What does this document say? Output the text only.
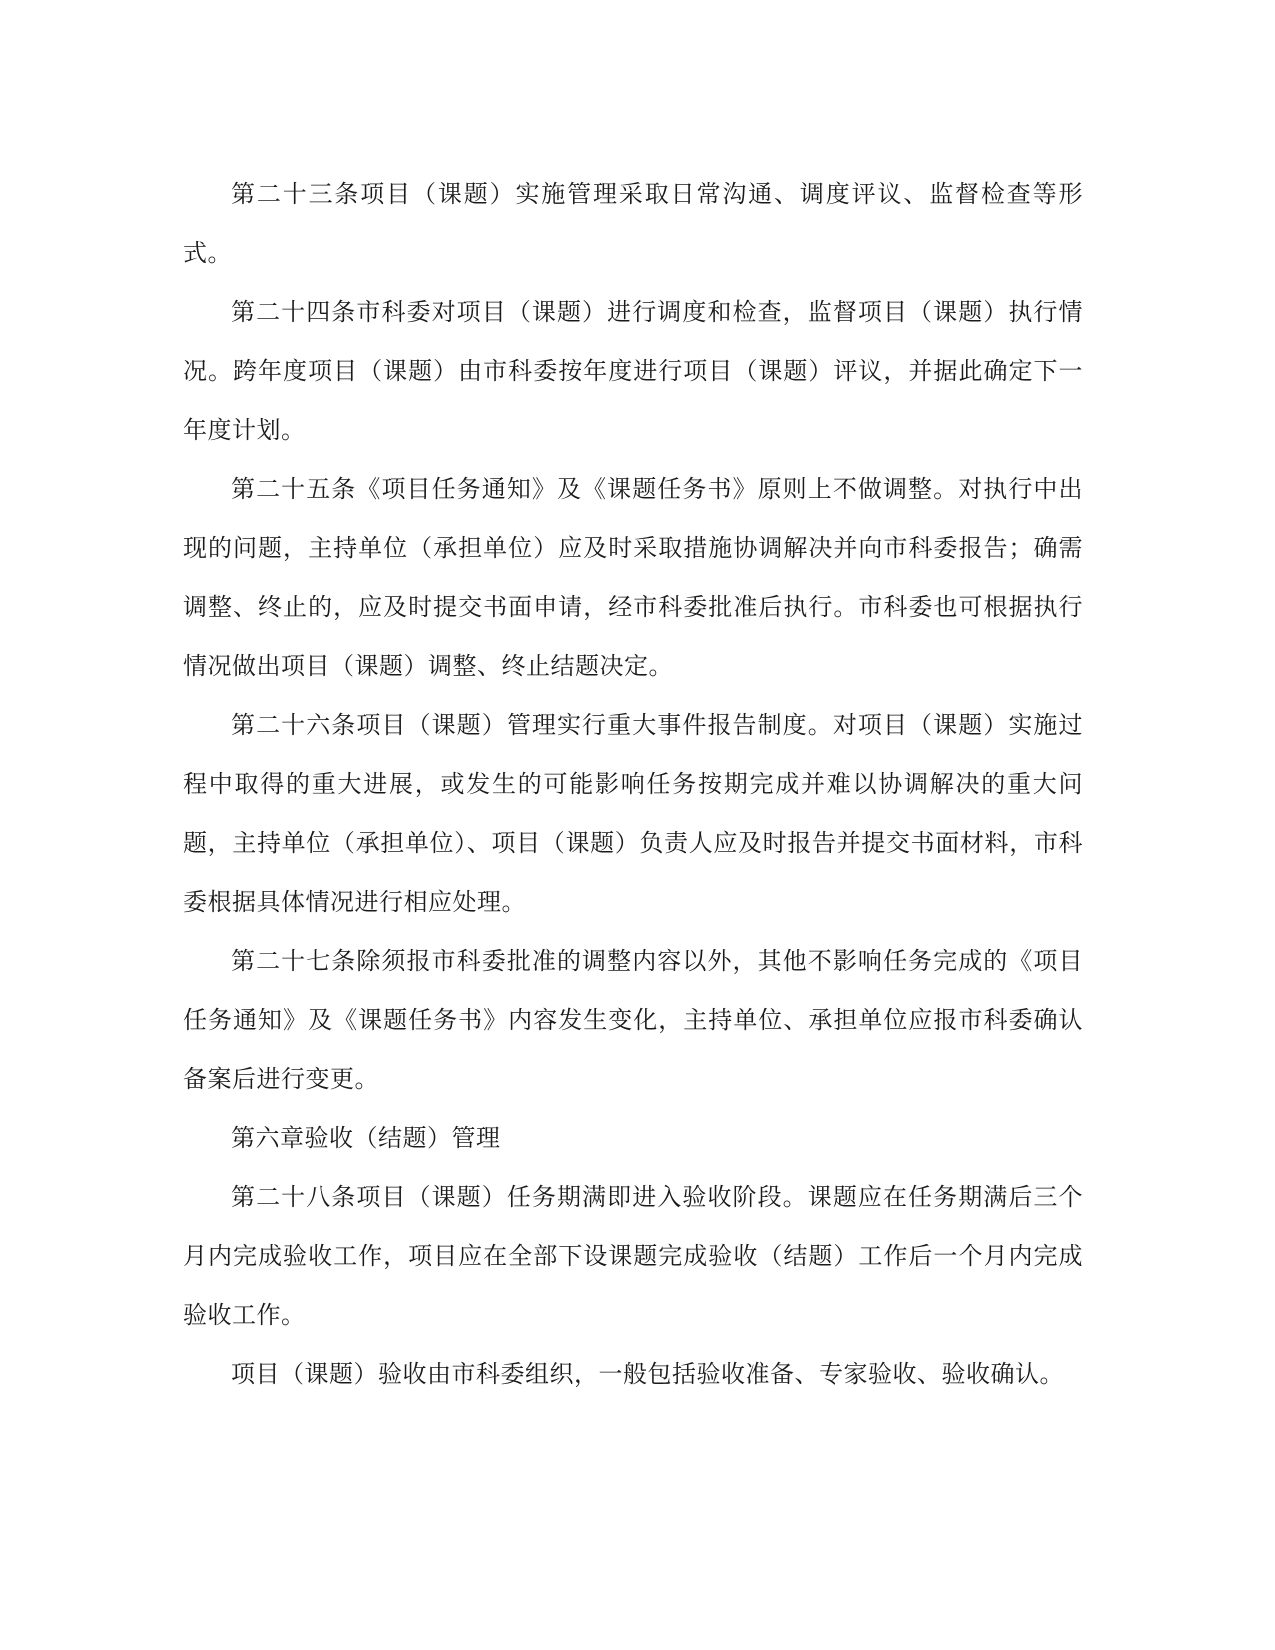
第二十三条项目（课题）实施管理采取日常沟通、调度评议、监督检查等形式。

第二十四条市科委对项目（课题）进行调度和检查，监督项目（课题）执行情况。跨年度项目（课题）由市科委按年度进行项目（课题）评议，并据此确定下一年度计划。

第二十五条《项目任务通知》及《课题任务书》原则上不做调整。对执行中出现的问题，主持单位（承担单位）应及时采取措施协调解决并向市科委报告；确需调整、终止的，应及时提交书面申请，经市科委批准后执行。市科委也可根据执行情况做出项目（课题）调整、终止结题决定。

第二十六条项目（课题）管理实行重大事件报告制度。对项目（课题）实施过程中取得的重大进展，或发生的可能影响任务按期完成并难以协调解决的重大问题，主持单位（承担单位）、项目（课题）负责人应及时报告并提交书面材料，市科委根据具体情况进行相应处理。

第二十七条除须报市科委批准的调整内容以外，其他不影响任务完成的《项目任务通知》及《课题任务书》内容发生变化，主持单位、承担单位应报市科委确认备案后进行变更。

第六章验收（结题）管理

第二十八条项目（课题）任务期满即进入验收阶段。课题应在任务期满后三个月内完成验收工作，项目应在全部下设课题完成验收（结题）工作后一个月内完成验收工作。

项目（课题）验收由市科委组织，一般包括验收准备、专家验收、验收确认。
